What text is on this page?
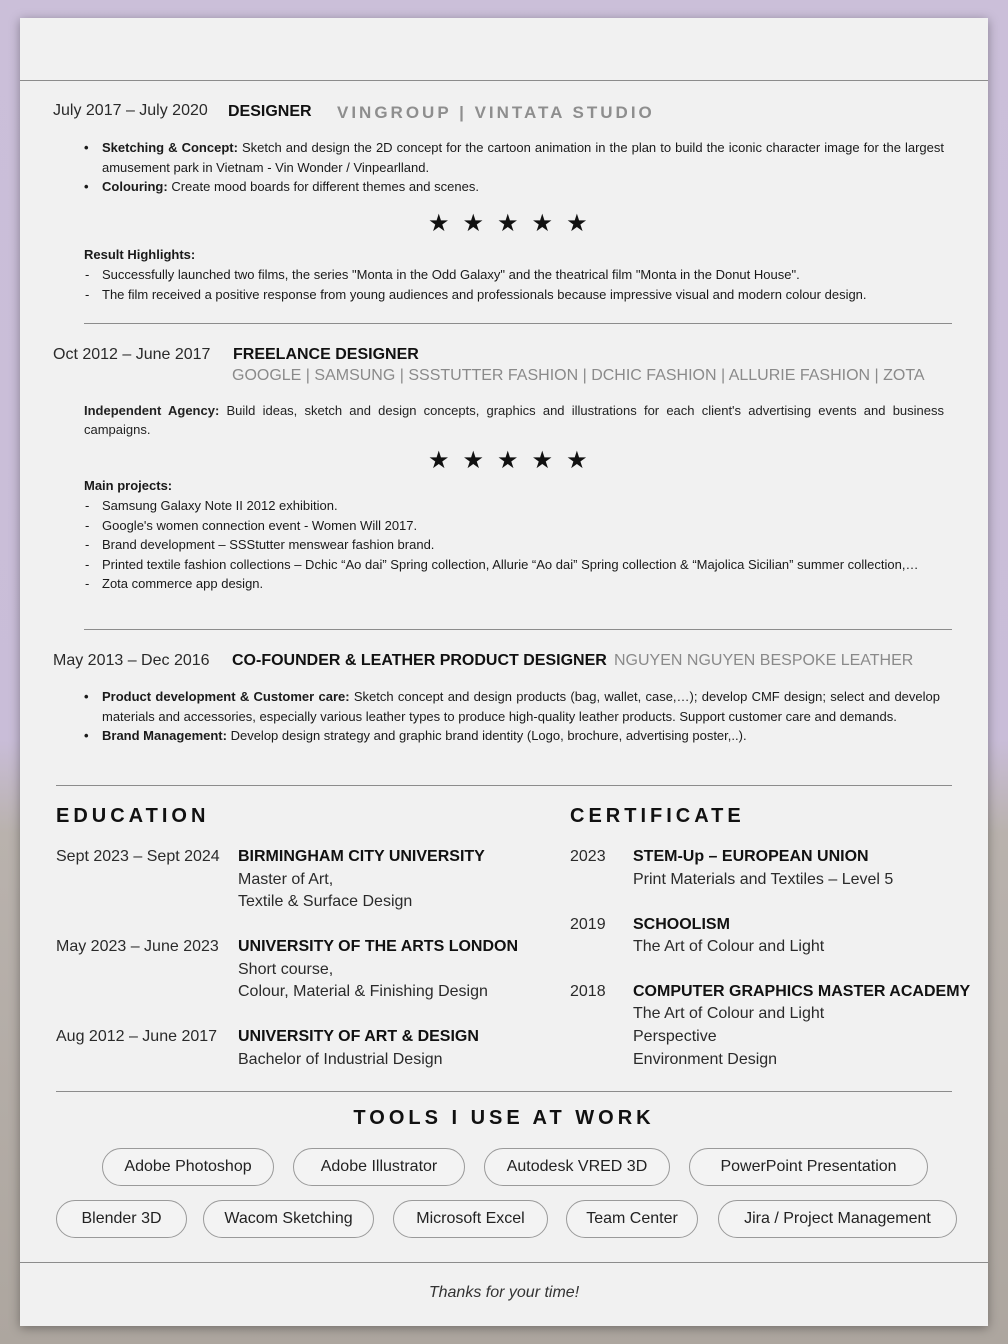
July 2017 – July 2020 DESIGNER VINGROUP | VINTATA STUDIO
• Sketching & Concept: Sketch and design the 2D concept for the cartoon animation in the plan to build the iconic character image for the largest amusement park in Vietnam - Vin Wonder / Vinpearlland.
• Colouring: Create mood boards for different themes and scenes.
★★★★★
Result Highlights:
- Successfully launched two films, the series "Monta in the Odd Galaxy" and the theatrical film "Monta in the Donut House".
- The film received a positive response from young audiences and professionals because impressive visual and modern colour design.
Oct 2012 – June 2017 FREELANCE DESIGNER
GOOGLE | SAMSUNG | SSSTUTTER FASHION | DCHIC FASHION | ALLURIE FASHION | ZOTA
Independent Agency: Build ideas, sketch and design concepts, graphics and illustrations for each client's advertising events and business campaigns.
★★★★★
Main projects:
- Samsung Galaxy Note II 2012 exhibition.
- Google's women connection event - Women Will 2017.
- Brand development – SSStutter menswear fashion brand.
- Printed textile fashion collections – Dchic “Ao dai” Spring collection, Allurie “Ao dai” Spring collection & “Majolica Sicilian” summer collection,…
- Zota commerce app design.
May 2013 – Dec 2016 CO-FOUNDER & LEATHER PRODUCT DESIGNER NGUYEN NGUYEN BESPOKE LEATHER
• Product development & Customer care: Sketch concept and design products (bag, wallet, case,…); develop CMF design; select and develop materials and accessories, especially various leather types to produce high-quality leather products. Support customer care and demands.
• Brand Management: Develop design strategy and graphic brand identity (Logo, brochure, advertising poster,..).
EDUCATION
Sept 2023 – Sept 2024 BIRMINGHAM CITY UNIVERSITY
Master of Art,
Textile & Surface Design
May 2023 – June 2023 UNIVERSITY OF THE ARTS LONDON
Short course,
Colour, Material & Finishing Design
Aug 2012 – June 2017 UNIVERSITY OF ART & DESIGN
Bachelor of Industrial Design
CERTIFICATE
2023 STEM-Up – EUROPEAN UNION
Print Materials and Textiles – Level 5
2019 SCHOOLISM
The Art of Colour and Light
2018 COMPUTER GRAPHICS MASTER ACADEMY
The Art of Colour and Light
Perspective
Environment Design
TOOLS I USE AT WORK
Adobe Photoshop	Adobe Illustrator	Autodesk VRED 3D	PowerPoint Presentation
Blender 3D	Wacom Sketching	Microsoft Excel	Team Center	Jira / Project Management
Thanks for your time!
